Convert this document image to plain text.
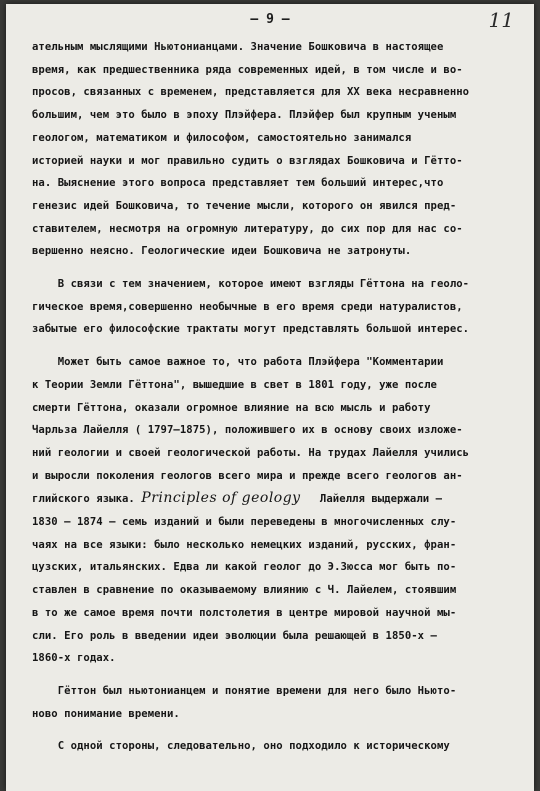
— 9 —	11
ательным мыслящими Ньютонианцами. Значение Бошковича в настоящее
время, как предшественника ряда современных идей, в том числе и во-
просов, связанных с временем, представляется для XX века несравненно
большим, чем это было в эпоху Плэйфера. Плэйфер был крупным ученым
геологом, математиком и философом, самостоятельно занимался
историей науки и мог правильно судить о взглядах Бошковича и Гётто-
на. Выяснение этого вопроса представляет тем больший интерес,что
генезис идей Бошковича, то течение мысли, которого он явился пред-
ставителем, несмотря на огромную литературу, до сих пор для нас со-
вершенно неясно. Геологические идеи Бошковича не затронуты.
В связи с тем значением, которое имеют взгляды Гёттона на геоло-
гическое время,совершенно необычные в его время среди натуралистов,
забытые его философские трактаты могут представлять большой интерес.
Может быть самое важное то, что работа Плэйфера "Комментарии
к Теории Земли Гёттона", вышедшие в свет в 1801 году, уже после
смерти Гёттона, оказали огромное влияние на всю мысль и работу
Чарльза Лайелля ( 1797—1875), положившего их в основу своих изложе-
ний геологии и своей геологической работы. На трудах Лайелля учились
и выросли поколения геологов всего мира и прежде всего геологов ан-
глийского языка. Principles of geology Лайелля выдержали —
1830 — 1874 — семь изданий и были переведены в многочисленных слу-
чаях на все языки: было несколько немецких изданий, русских, фран-
цузских, итальянских. Едва ли какой геолог до Э.Зюсса мог быть по-
ставлен в сравнение по оказываемому влиянию с Ч. Лайелем, стоявшим
в то же самое время почти полстолетия в центре мировой научной мы-
сли. Его роль в введении идеи эволюции была решающей в 1850-х —
1860-х годах.
Гёттон был ньютонианцем и понятие времени для него было Ньюто-
ново понимание времени.
С одной стороны, следовательно, оно подходило к историческому
